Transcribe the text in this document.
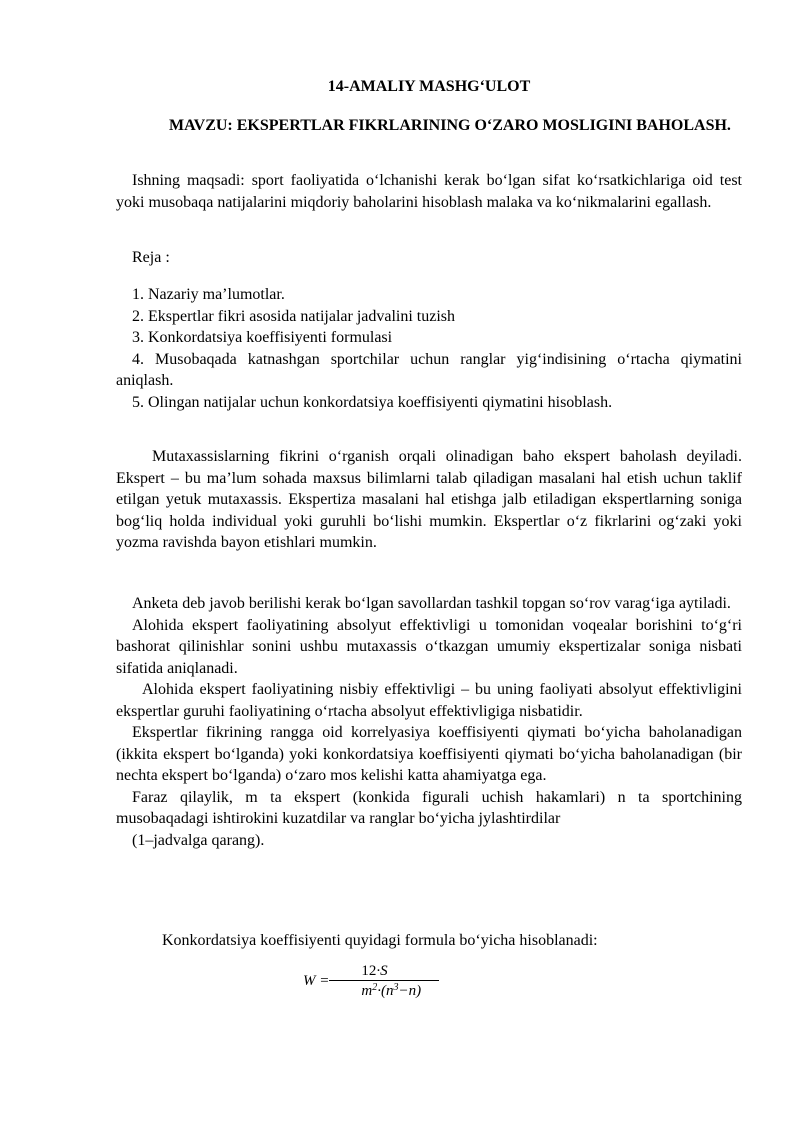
14-AMALIY MASHG‘ULOT
MAVZU: EKSPERTLAR FIKRLARINING O‘ZARO MOSLIGINI BAHOLASH.

Ishning maqsadi: sport faoliyatida o‘lchanishi kerak bo‘lgan sifat ko‘rsatkichlariga oid test yoki musobaqa natijalarini miqdoriy baholarini hisoblash malaka va ko‘nikmalarini egallash.

Reja :

1. Nazariy ma’lumotlar.

2. Ekspertlar fikri asosida natijalar jadvalini tuzish

3. Konkordatsiya koeffisiyenti formulasi

4. Musobaqada katnashgan sportchilar uchun ranglar yig‘indisining o‘rtacha qiymatini aniqlash.

5. Olingan natijalar uchun konkordatsiya koeffisiyenti qiymatini hisoblash.

Mutaxassislarning fikrini o‘rganish orqali olinadigan baho ekspert baholash deyiladi. Ekspert – bu ma’lum sohada maxsus bilimlarni talab qiladigan masalani hal etish uchun taklif etilgan yetuk mutaxassis. Ekspertiza masalani hal etishga jalb etiladigan ekspertlarning soniga bog‘liq holda individual yoki guruhli bo‘lishi mumkin. Ekspertlar o‘z fikrlarini og‘zaki yoki yozma ravishda bayon etishlari mumkin.

Anketa deb javob berilishi kerak bo‘lgan savollardan tashkil topgan so‘rov varag‘iga aytiladi.

Alohida ekspert faoliyatining absolyut effektivligi u tomonidan voqealar borishini to‘g‘ri bashorat qilinishlar sonini ushbu mutaxassis o‘tkazgan umumiy ekspertizalar soniga nisbati sifatida aniqlanadi.

Alohida ekspert faoliyatining nisbiy effektivligi – bu uning faoliyati absolyut effektivligini ekspertlar guruhi faoliyatining o‘rtacha absolyut effektivligiga nisbatidir.

Ekspertlar fikrining rangga oid korrelyasiya koeffisiyenti qiymati bo‘yicha baholanadigan (ikkita ekspert bo‘lganda) yoki konkordatsiya koeffisiyenti qiymati bo‘yicha baholanadigan (bir nechta ekspert bo‘lganda) o‘zaro mos kelishi katta ahamiyatga ega.

Faraz qilaylik, m ta ekspert (konkida figurali uchish hakamlari) n ta sportchining musobaqadagi ishtirokini kuzatdilar va ranglar bo‘yicha jylashtirdilar

(1–jadvalga qarang).

Konkordatsiya koeffisiyenti quyidagi formula bo‘yicha hisoblanadi:

$W = \frac{12\cdot S}{m^2\cdot(n^3-n)}$
